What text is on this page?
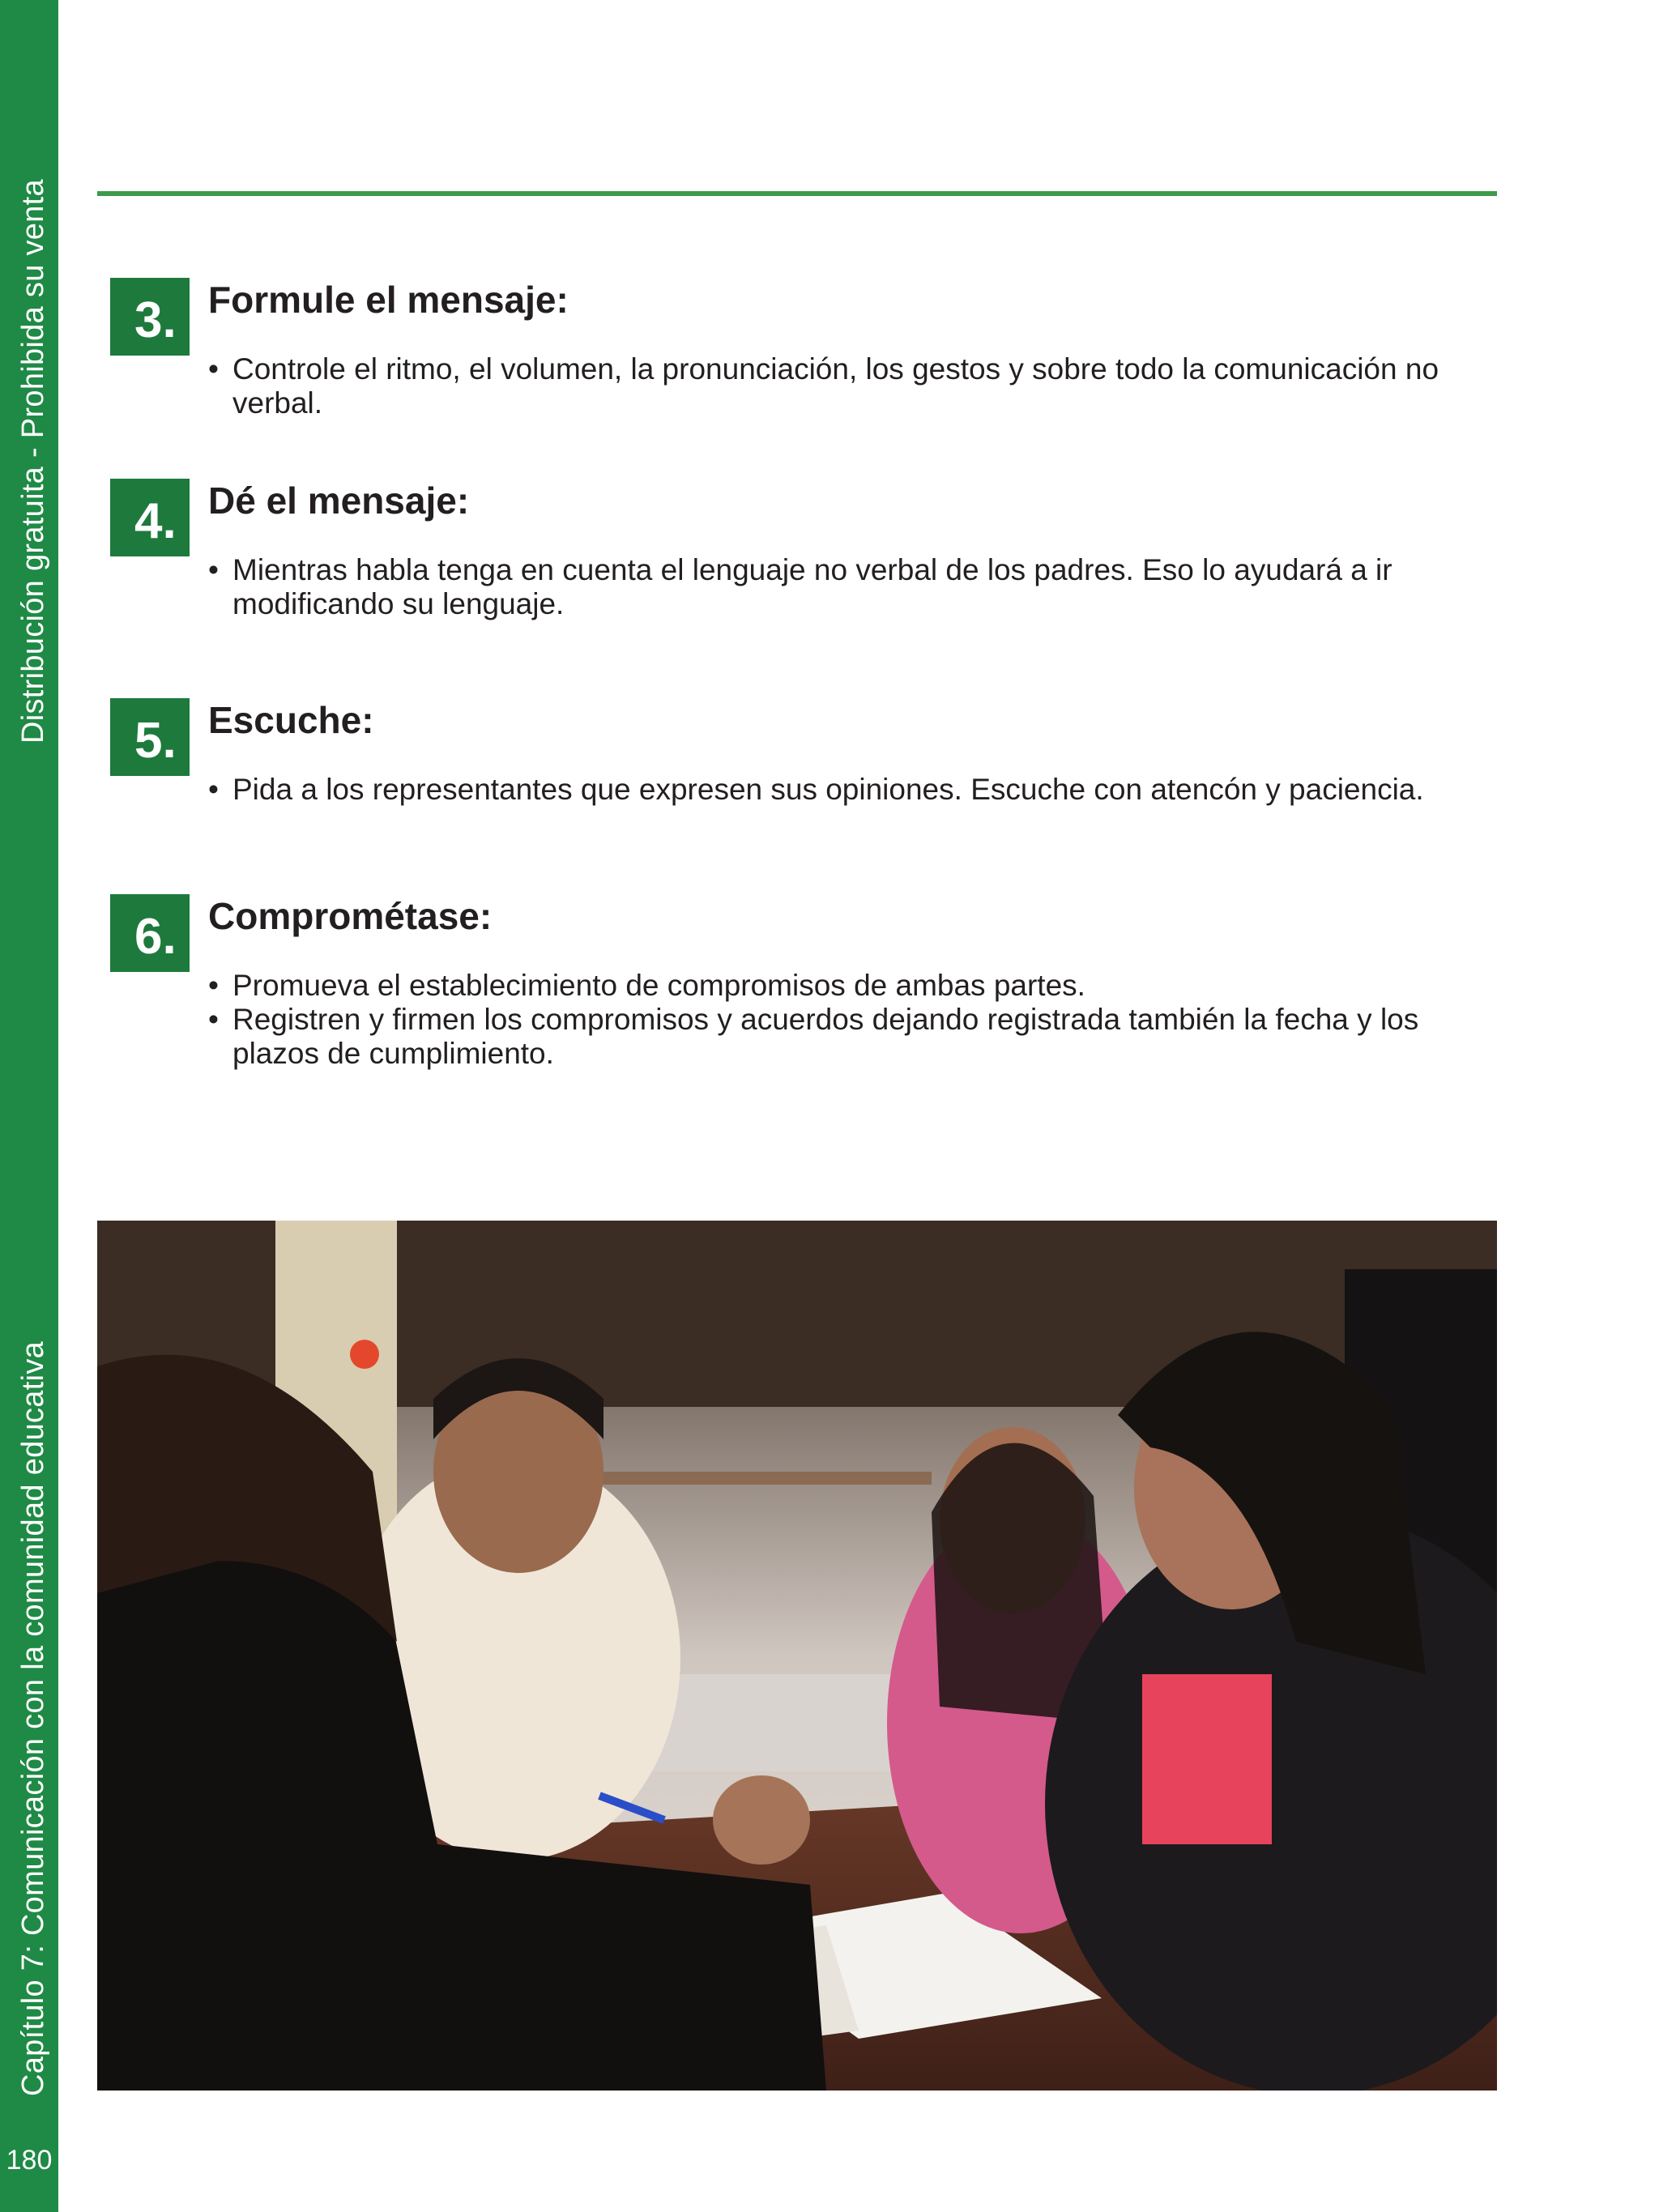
Distribución gratuita - Prohibida su venta
Capítulo 7: Comunicación con la comunidad educativa
180
3. Formule el mensaje:
• Controle el ritmo, el volumen, la pronunciación, los gestos y sobre todo la comunicación no verbal.
4. Dé el mensaje:
• Mientras habla tenga en cuenta el lenguaje no verbal de los padres. Eso lo ayudará a ir modificando su lenguaje.
5. Escuche:
• Pida a los representantes que expresen sus opiniones. Escuche con atencón y paciencia.
6. Comprométase:
• Promueva el establecimiento de compromisos de ambas partes.
• Registren y firmen los compromisos y acuerdos dejando registrada también la fecha y los plazos de cumplimiento.
